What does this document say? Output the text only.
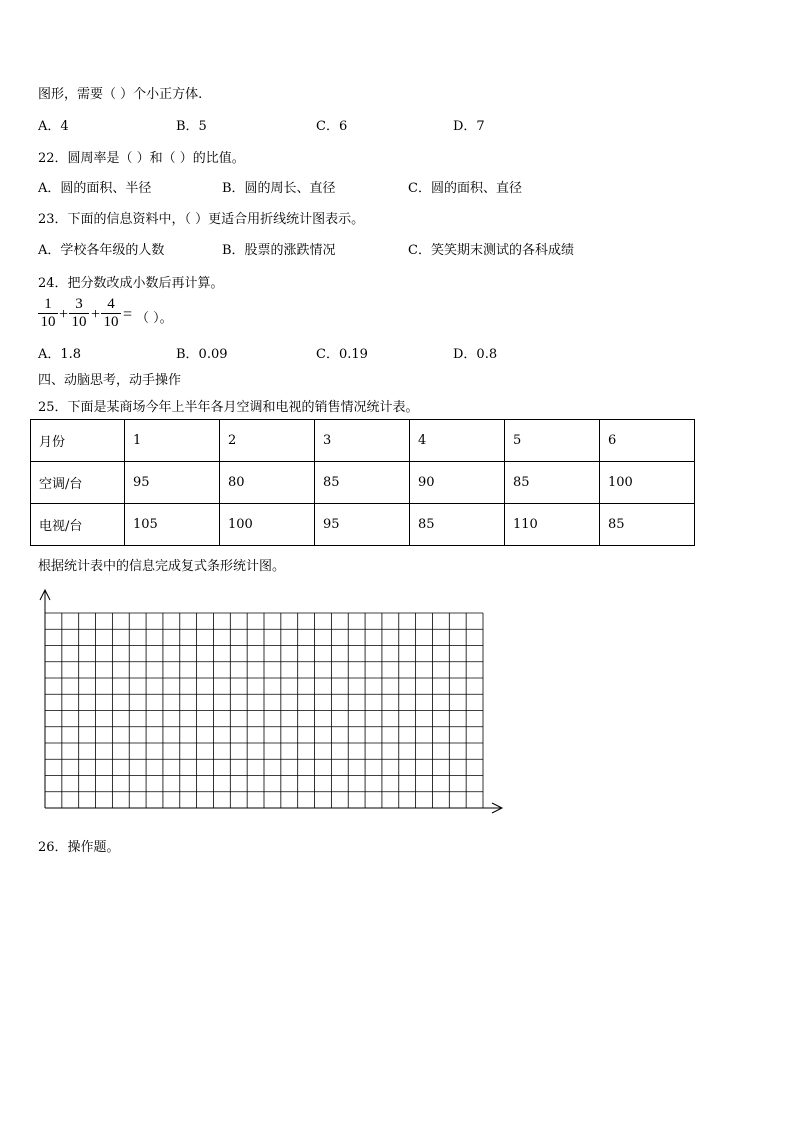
图形，需要（ ）个小正方体.
A．4	B．5	C．6	D．7
22．圆周率是（ ）和（ ）的比值。
A．圆的面积、半径	B．圆的周长、直径	C．圆的面积、直径
23．下面的信息资料中，（ ）更适合用折线统计图表示。
A．学校各年级的人数	B．股票的涨跌情况	C．笑笑期末测试的各科成绩
24．把分数改成小数后再计算。
1
10 +
3
10 +
4
10 = （ ）。
A．1.8	B．0.09	C．0.19	D．0.8
四、动脑思考，动手操作
25．下面是某商场今年上半年各月空调和电视的销售情况统计表。
月份	1	2	3	4	5	6
空调/台	95	80	85	90	85	100
电视/台	105	100	95	85	110	85
根据统计表中的信息完成复式条形统计图。
26．操作题。
